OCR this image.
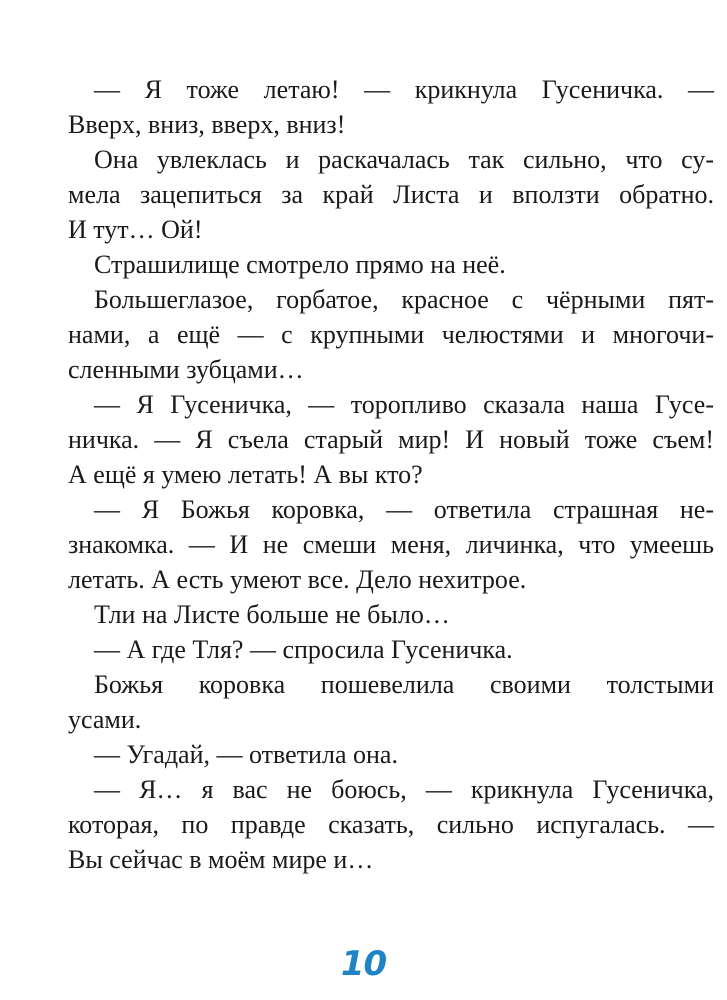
— Я тоже летаю! — крикнула Гусеничка. —
Вверх, вниз, вверх, вниз!
Она увлеклась и раскачалась так сильно, что су-
мела зацепиться за край Листа и вползти обратно.
И тут… Ой!
Страшилище смотрело прямо на неё.
Большеглазое, горбатое, красное с чёрными пят-
нами, а ещё — с крупными челюстями и многочи-
сленными зубцами…
— Я Гусеничка, — торопливо сказала наша Гусе-
ничка. — Я съела старый мир! И новый тоже съем!
А ещё я умею летать! А вы кто?
— Я Божья коровка, — ответила страшная не-
знакомка. — И не смеши меня, личинка, что умеешь
летать. А есть умеют все. Дело нехитрое.
Тли на Листе больше не было…
— А где Тля? — спросила Гусеничка.
Божья коровка пошевелила своими толстыми
усами.
— Угадай, — ответила она.
— Я… я вас не боюсь, — крикнула Гусеничка,
которая, по правде сказать, сильно испугалась. —
Вы сейчас в моём мире и…
10
